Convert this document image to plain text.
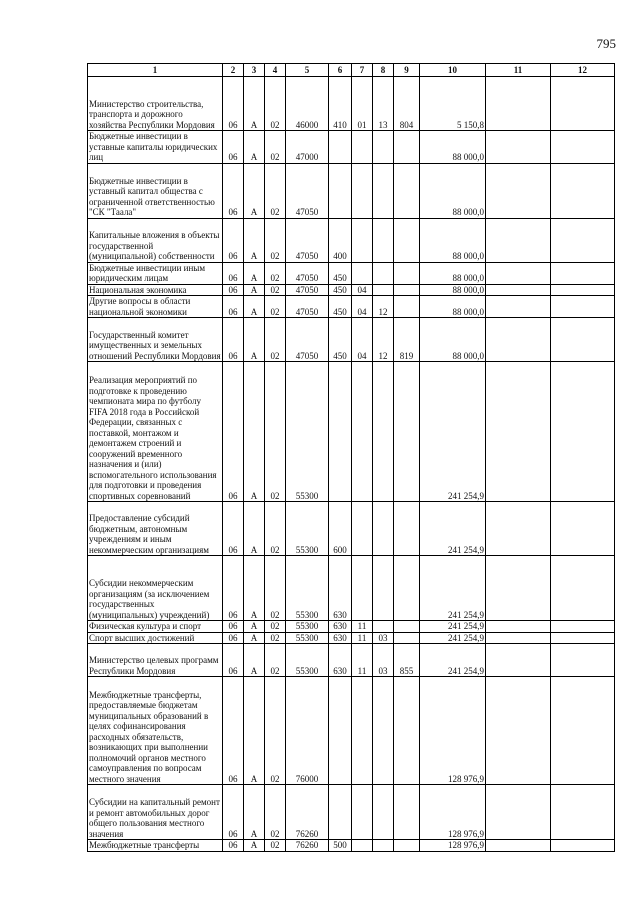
795
1	2	3	4	5	6	7	8	9	10	11	12
Министерство строительства, транспорта и дорожного хозяйства Республики Мордовия	06	А	02	46000	410	01	13	804	5 150,8		
Бюджетные инвестиции в уставные капиталы юридических лиц	06	А	02	47000					88 000,0		
Бюджетные инвестиции в уставный капитал общества с ограниченной ответственностью "СК "Таала"	06	А	02	47050					88 000,0		
Капитальные вложения в объекты государственной (муниципальной) собственности	06	А	02	47050	400				88 000,0		
Бюджетные инвестиции иным юридическим лицам	06	А	02	47050	450				88 000,0		
Национальная экономика	06	А	02	47050	450	04			88 000,0		
Другие вопросы в области национальной экономики	06	А	02	47050	450	04	12		88 000,0		
Государственный комитет имущественных и земельных отношений Республики Мордовия	06	А	02	47050	450	04	12	819	88 000,0		
Реализация мероприятий по подготовке к проведению чемпионата мира по футболу FIFA 2018 года в Российской Федерации, связанных с поставкой, монтажом и демонтажем строений и сооружений временного назначения и (или) вспомогательного использования для подготовки и проведения спортивных соревнований	06	А	02	55300					241 254,9		
Предоставление субсидий бюджетным, автономным учреждениям и иным некоммерческим организациям	06	А	02	55300	600				241 254,9		
Субсидии некоммерческим организациям (за исключением государственных (муниципальных) учреждений)	06	А	02	55300	630				241 254,9		
Физическая культура и спорт	06	А	02	55300	630	11			241 254,9		
Спорт высших достижений	06	А	02	55300	630	11	03		241 254,9		
Министерство целевых программ Республики Мордовия	06	А	02	55300	630	11	03	855	241 254,9		
Межбюджетные трансферты, предоставляемые бюджетам муниципальных образований в целях софинансирования расходных обязательств, возникающих при выполнении полномочий органов местного самоуправления по вопросам местного значения	06	А	02	76000					128 976,9		
Субсидии на капитальный ремонт и ремонт автомобильных дорог общего пользования местного значения	06	А	02	76260					128 976,9		
Межбюджетные трансферты	06	А	02	76260	500				128 976,9		
